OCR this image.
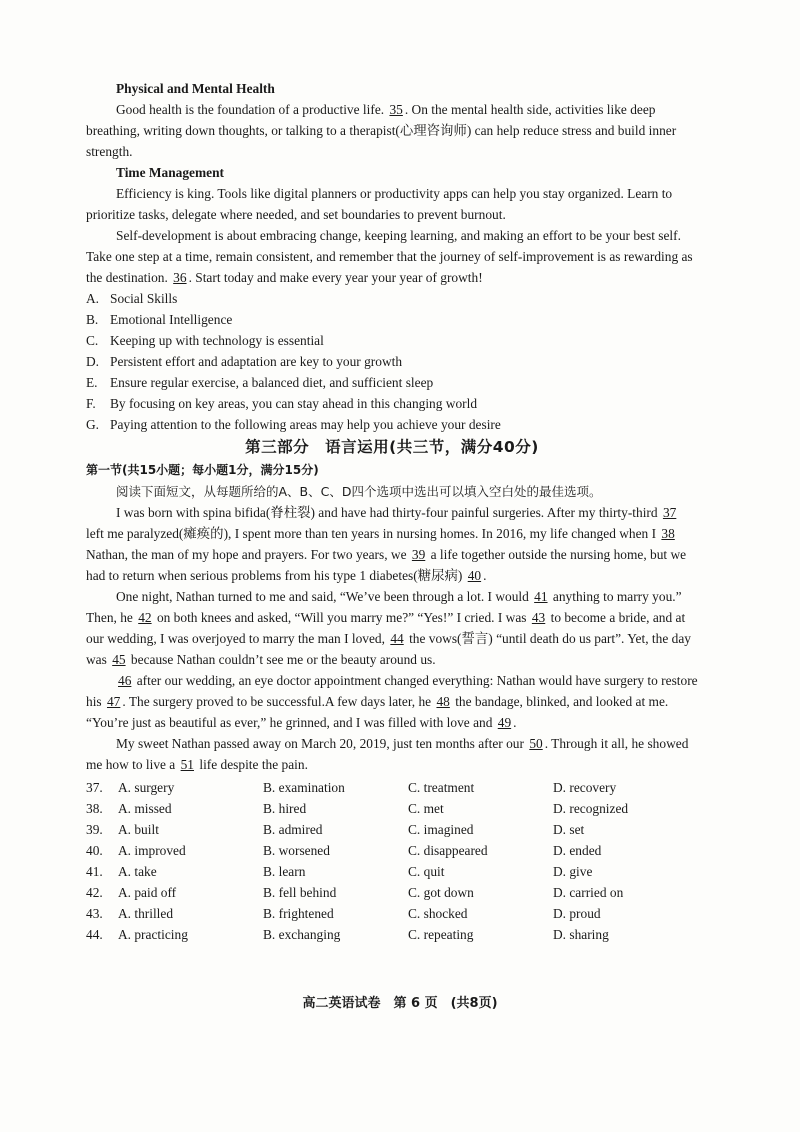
Physical and Mental Health

Good health is the foundation of a productive life. 35 . On the mental health side, activities like deep breathing, writing down thoughts, or talking to a therapist(心理咨询师) can help reduce stress and build inner strength.

Time Management

Efficiency is king. Tools like digital planners or productivity apps can help you stay organized. Learn to prioritize tasks, delegate where needed, and set boundaries to prevent burnout.

Self-development is about embracing change, keeping learning, and making an effort to be your best self. Take one step at a time, remain consistent, and remember that the journey of self-improvement is as rewarding as the destination. 36 . Start today and make every year your year of growth!

A. Social Skills
B. Emotional Intelligence
C. Keeping up with technology is essential
D. Persistent effort and adaptation are key to your growth
E. Ensure regular exercise, a balanced diet, and sufficient sleep
F.	By focusing on key areas, you can stay ahead in this changing world
G. Paying attention to the following areas may help you achieve your desire

第三部分　语言运用(共三节，满分40分)

第一节(共15小题；每小题1分，满分15分)

阅读下面短文，从每题所给的A、B、C、D四个选项中选出可以填入空白处的最佳选项。

I was born with spina bifida(脊柱裂) and have had thirty-four painful surgeries. After my thirty-third 37 left me paralyzed(瘫痪的), I spent more than ten years in nursing homes. In 2016, my life changed when I 38 Nathan, the man of my hope and prayers. For two years, we 39 a life together outside the nursing home, but we had to return when serious problems from his type 1 diabetes(糖尿病) 40 .

One night, Nathan turned to me and said, “We’ve been through a lot. I would 41 anything to marry you.” Then, he 42 on both knees and asked, “Will you marry me?” “Yes!” I cried. I was 43 to become a bride, and at our wedding, I was overjoyed to marry the man I loved, 44 the vows(誓言) “until death do us part”. Yet, the day was 45 because Nathan couldn’t see me or the beauty around us.

46 after our wedding, an eye doctor appointment changed everything: Nathan would have surgery to restore his 47 . The surgery proved to be successful.A few days later, he 48 the bandage, blinked, and looked at me. “You’re just as beautiful as ever,” he grinned, and I was filled with love and 49 .

My sweet Nathan passed away on March 20, 2019, just ten months after our 50 . Through it all, he showed me how to live a 51 life despite the pain.

37.	A. surgery	B. examination	C. treatment	D. recovery
38.	A. missed	B. hired	C. met	D. recognized
39.	A. built	B. admired	C. imagined	D. set
40.	A. improved	B. worsened	C. disappeared	D. ended
41.	A. take	B. learn	C. quit	D. give
42.	A. paid off	B. fell behind	C. got down	D. carried on
43.	A. thrilled	B. frightened	C. shocked	D. proud
44.	A. practicing	B. exchanging	C. repeating	D. sharing
高二英语试卷　第 6 页　(共8页)
